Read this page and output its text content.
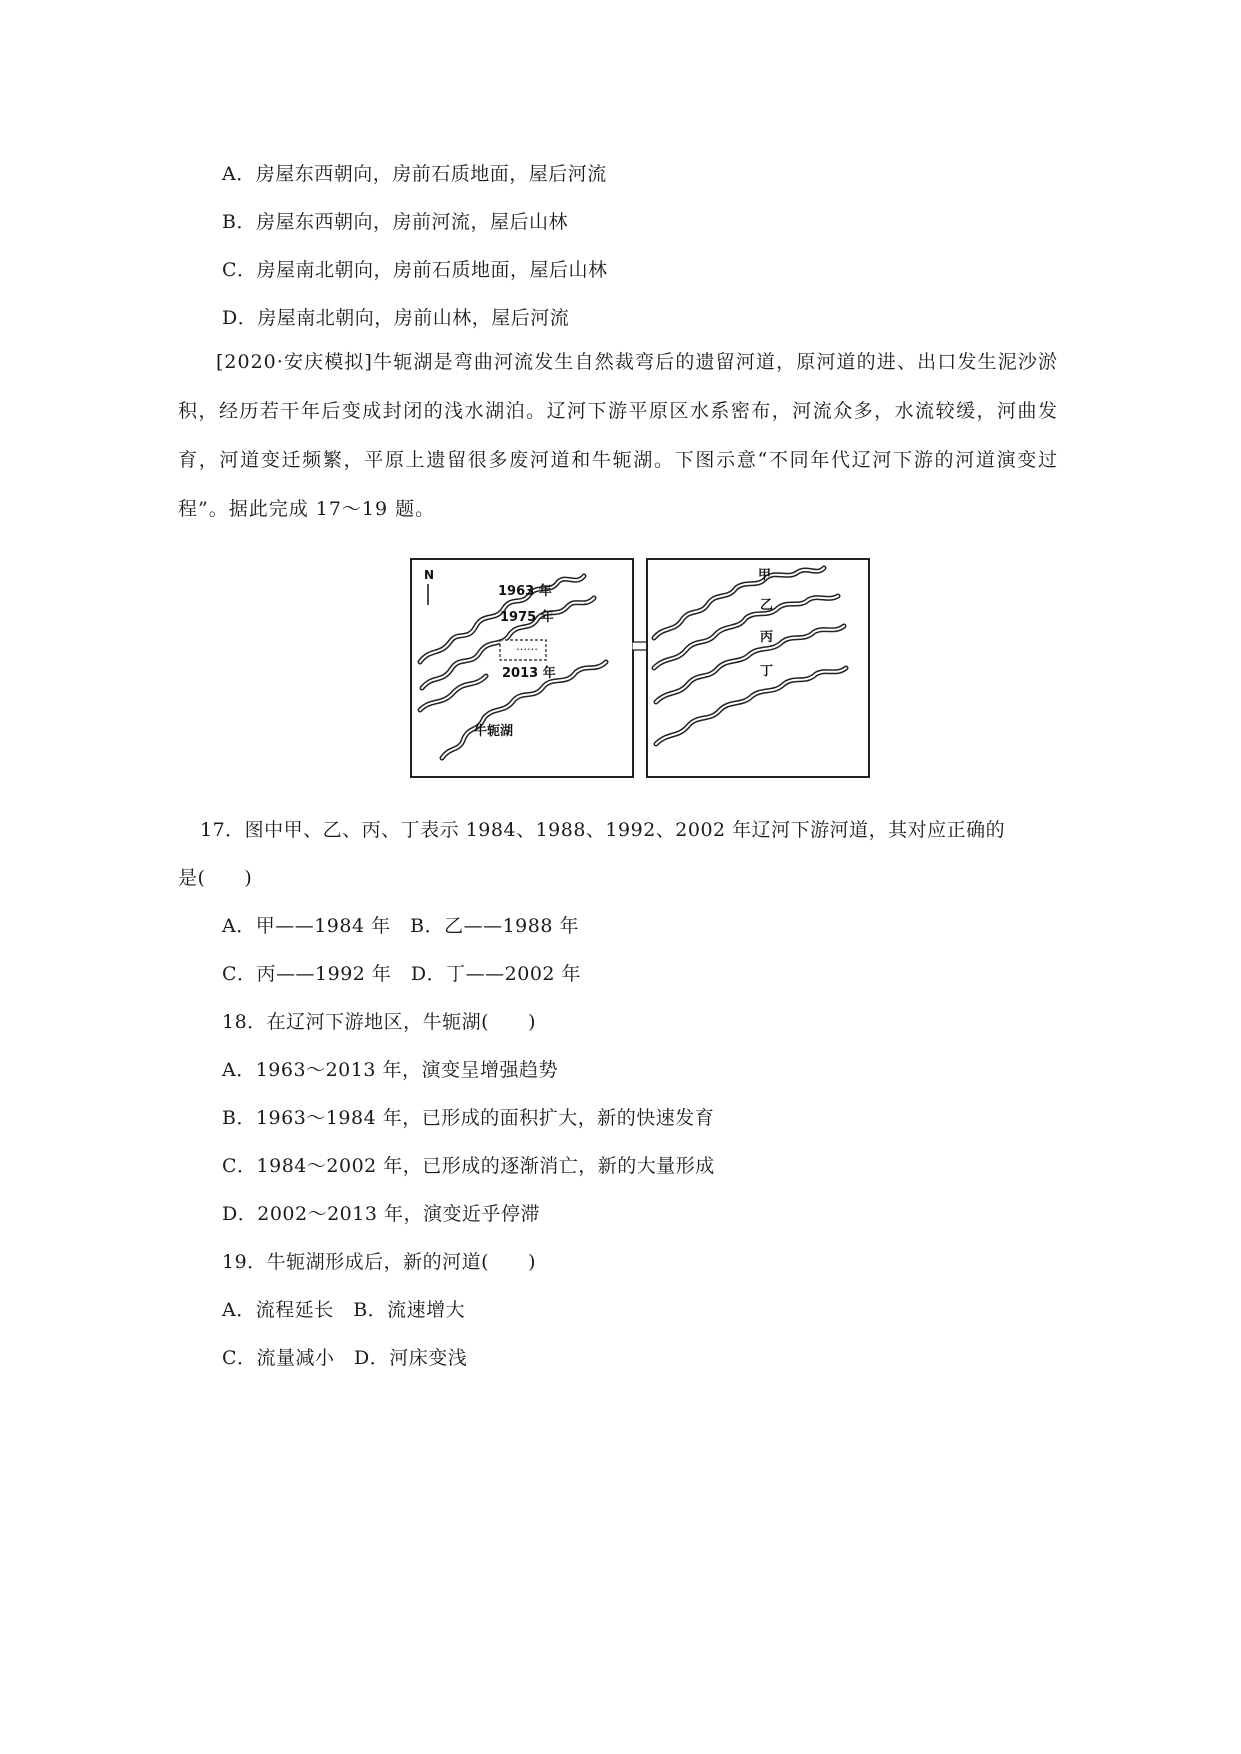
A．房屋东西朝向，房前石质地面，屋后河流
B．房屋东西朝向，房前河流，屋后山林
C．房屋南北朝向，房前石质地面，屋后山林
D．房屋南北朝向，房前山林，屋后河流
[2020·安庆模拟]牛轭湖是弯曲河流发生自然裁弯后的遗留河道，原河道的进、出口发生泥沙淤积，经历若干年后变成封闭的浅水湖泊。辽河下游平原区水系密布，河流众多，水流较缓，河曲发育，河道变迁频繁，平原上遗留很多废河道和牛轭湖。下图示意“不同年代辽河下游的河道演变过程”。据此完成 17～19 题。
N
1963 年
1975 年
……
2013 年
牛轭湖
甲
乙
丙
丁
17．图中甲、乙、丙、丁表示 1984、1988、1992、2002 年辽河下游河道，其对应正确的
是(　　)
A．甲——1984 年　B．乙——1988 年
C．丙——1992 年　D．丁——2002 年
18．在辽河下游地区，牛轭湖(　　)
A．1963～2013 年，演变呈增强趋势
B．1963～1984 年，已形成的面积扩大，新的快速发育
C．1984～2002 年，已形成的逐渐消亡，新的大量形成
D．2002～2013 年，演变近乎停滞
19．牛轭湖形成后，新的河道(　　)
A．流程延长　B．流速增大
C．流量减小　D．河床变浅
